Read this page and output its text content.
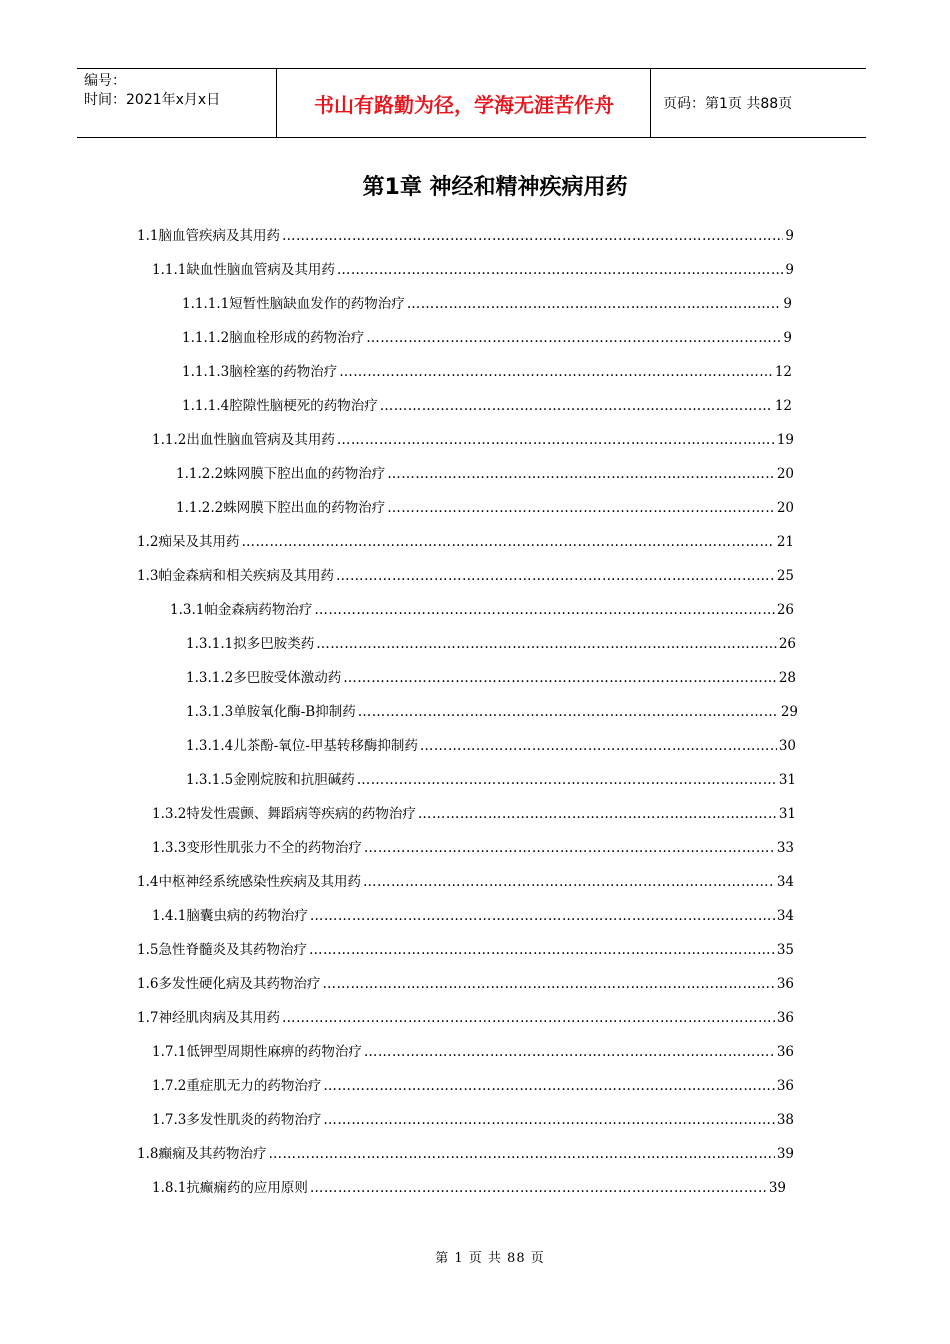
编号：
时间：2021年x月x日	书山有路勤为径，学海无涯苦作舟	页码：第1页 共88页
第1章 神经和精神疾病用药
1.1脑血管疾病及其用药 …………………………………………………………………………………………………………………………………………………………………………………………………………………………………………	9
1.1.1缺血性脑血管病及其用药 …………………………………………………………………………………………………………………………………………………………………………………………………………………………………………	9
1.1.1.1短暂性脑缺血发作的药物治疗 …………………………………………………………………………………………………………………………………………………………………………………………………………………………………………	9
1.1.1.2脑血栓形成的药物治疗 …………………………………………………………………………………………………………………………………………………………………………………………………………………………………………	9
1.1.1.3脑栓塞的药物治疗 …………………………………………………………………………………………………………………………………………………………………………………………………………………………………………	12
1.1.1.4腔隙性脑梗死的药物治疗 …………………………………………………………………………………………………………………………………………………………………………………………………………………………………………	12
1.1.2出血性脑血管病及其用药 …………………………………………………………………………………………………………………………………………………………………………………………………………………………………………	19
1.1.2.2蛛网膜下腔出血的药物治疗 …………………………………………………………………………………………………………………………………………………………………………………………………………………………………………	20
1.1.2.2蛛网膜下腔出血的药物治疗 …………………………………………………………………………………………………………………………………………………………………………………………………………………………………………	20
1.2痴呆及其用药 …………………………………………………………………………………………………………………………………………………………………………………………………………………………………………	21
1.3帕金森病和相关疾病及其用药 …………………………………………………………………………………………………………………………………………………………………………………………………………………………………………	25
1.3.1帕金森病药物治疗 …………………………………………………………………………………………………………………………………………………………………………………………………………………………………………	26
1.3.1.1拟多巴胺类药 …………………………………………………………………………………………………………………………………………………………………………………………………………………………………………	26
1.3.1.2多巴胺受体激动药 …………………………………………………………………………………………………………………………………………………………………………………………………………………………………………	28
1.3.1.3单胺氧化酶-B抑制药 …………………………………………………………………………………………………………………………………………………………………………………………………………………………………………	29
1.3.1.4儿茶酚-氧位-甲基转移酶抑制药 …………………………………………………………………………………………………………………………………………………………………………………………………………………………………………	30
1.3.1.5金刚烷胺和抗胆碱药 …………………………………………………………………………………………………………………………………………………………………………………………………………………………………………	31
1.3.2特发性震颤、舞蹈病等疾病的药物治疗 …………………………………………………………………………………………………………………………………………………………………………………………………………………………………………	31
1.3.3变形性肌张力不全的药物治疗 …………………………………………………………………………………………………………………………………………………………………………………………………………………………………………	33
1.4中枢神经系统感染性疾病及其用药 …………………………………………………………………………………………………………………………………………………………………………………………………………………………………………	34
1.4.1脑囊虫病的药物治疗 …………………………………………………………………………………………………………………………………………………………………………………………………………………………………………	34
1.5急性脊髓炎及其药物治疗 …………………………………………………………………………………………………………………………………………………………………………………………………………………………………………	35
1.6多发性硬化病及其药物治疗 …………………………………………………………………………………………………………………………………………………………………………………………………………………………………………	36
1.7神经肌肉病及其用药 …………………………………………………………………………………………………………………………………………………………………………………………………………………………………………	36
1.7.1低钾型周期性麻痹的药物治疗 …………………………………………………………………………………………………………………………………………………………………………………………………………………………………………	36
1.7.2重症肌无力的药物治疗 …………………………………………………………………………………………………………………………………………………………………………………………………………………………………………	36
1.7.3多发性肌炎的药物治疗 …………………………………………………………………………………………………………………………………………………………………………………………………………………………………………	38
1.8癫痫及其药物治疗 …………………………………………………………………………………………………………………………………………………………………………………………………………………………………………	39
1.8.1抗癫痫药的应用原则 …………………………………………………………………………………………………………………………………………………………………………………………………………………………………………	39
第 1 页 共 88 页
